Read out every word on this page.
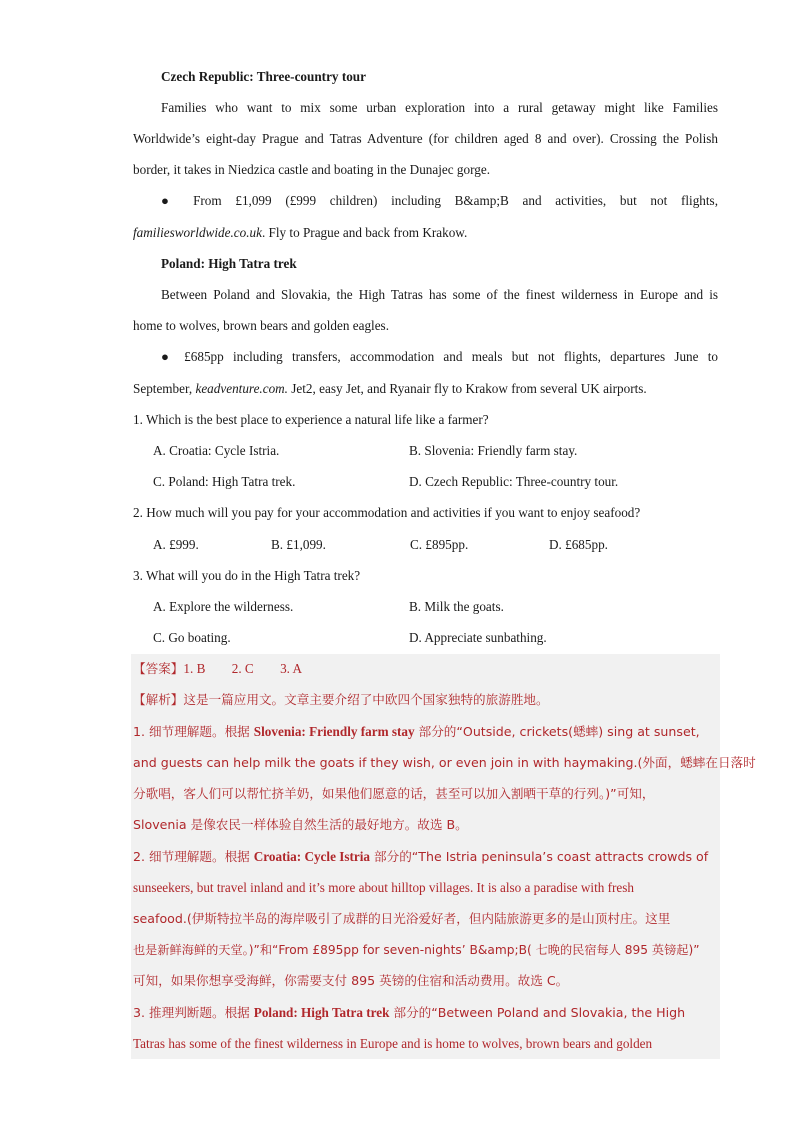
Czech Republic: Three-country tour
Families who want to mix some urban exploration into a rural getaway might like Families
Worldwide’s eight-day Prague and Tatras Adventure (for children aged 8 and over). Crossing the Polish
border, it takes in Niedzica castle and boating in the Dunajec gorge.
● From £1,099 (£999 children) including B&amp;B and activities, but not flights,
familiesworldwide.co.uk. Fly to Prague and back from Krakow.
Poland: High Tatra trek
Between Poland and Slovakia, the High Tatras has some of the finest wilderness in Europe and is
home to wolves, brown bears and golden eagles.
● £685pp including transfers, accommodation and meals but not flights, departures June to
September, keadventure.com. Jet2, easy Jet, and Ryanair fly to Krakow from several UK airports.
1. Which is the best place to experience a natural life like a farmer?
A. Croatia: Cycle Istria.	B. Slovenia: Friendly farm stay.
C. Poland: High Tatra trek.	D. Czech Republic: Three-country tour.
2. How much will you pay for your accommodation and activities if you want to enjoy seafood?
A. £999.	B. £1,099.	C. £895pp.	D. £685pp.
3. What will you do in the High Tatra trek?
A. Explore the wilderness.	B. Milk the goats.
C. Go boating.	D. Appreciate sunbathing.
【答案】1. B        2. C        3. A
【解析】这是一篇应用文。文章主要介绍了中欧四个国家独特的旅游胜地。
1. 细节理解题。根据 Slovenia: Friendly farm stay 部分的“Outside, crickets(蟋蟀) sing at sunset,
and guests can help milk the goats if they wish, or even join in with haymaking.(外面，蟋蟀在日落时
分歌唱，客人们可以帮忙挤羊奶，如果他们愿意的话，甚至可以加入割晒干草的行列。)”可知，
Slovenia 是像农民一样体验自然生活的最好地方。故选 B。
2. 细节理解题。根据 Croatia: Cycle Istria 部分的“The Istria peninsula’s coast attracts crowds of
sunseekers, but travel inland and it’s more about hilltop villages. It is also a paradise with fresh
seafood.(伊斯特拉半岛的海岸吸引了成群的日光浴爱好者，但内陆旅游更多的是山顶村庄。这里
也是新鲜海鲜的天堂。)”和“From £895pp for seven-nights’ B&amp;B( 七晚的民宿每人 895 英镑起)”
可知，如果你想享受海鲜，你需要支付 895 英镑的住宿和活动费用。故选 C。
3. 推理判断题。根据 Poland: High Tatra trek 部分的“Between Poland and Slovakia, the High
Tatras has some of the finest wilderness in Europe and is home to wolves, brown bears and golden
